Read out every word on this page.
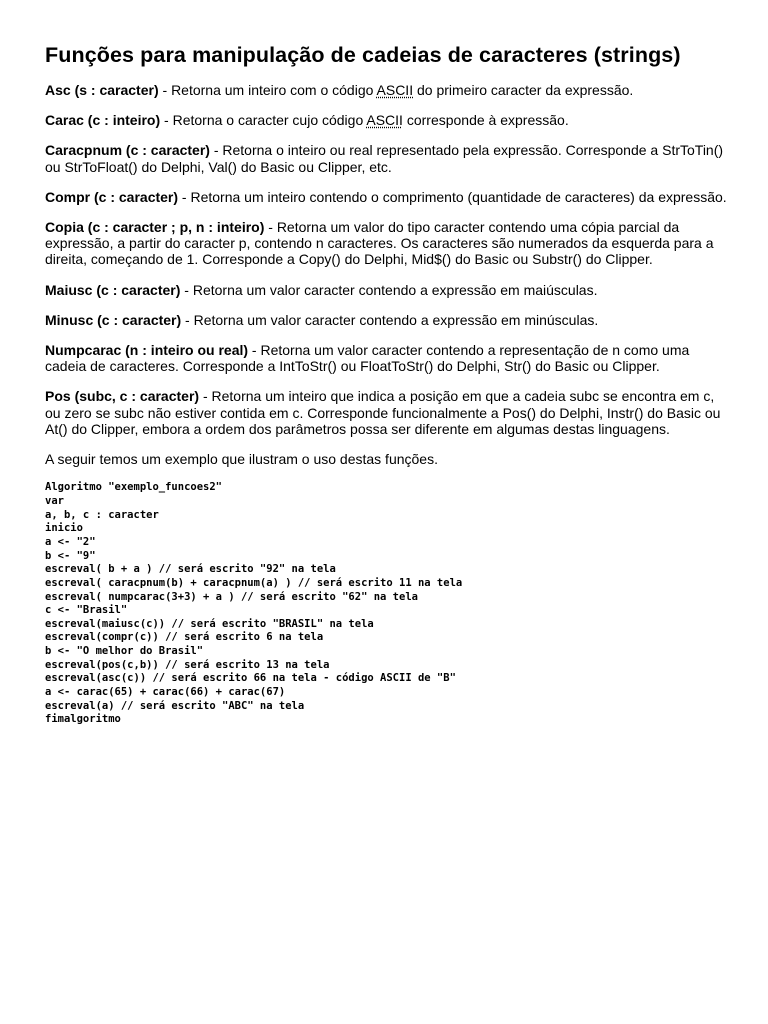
Funções para manipulação de cadeias de caracteres (strings)

Asc (s : caracter) - Retorna um inteiro com o código ASCII do primeiro caracter da expressão.

Carac (c : inteiro) - Retorna o caracter cujo código ASCII corresponde à expressão.

Caracpnum (c : caracter) - Retorna o inteiro ou real representado pela expressão. Corresponde a StrToTin() ou StrToFloat() do Delphi, Val() do Basic ou Clipper, etc.

Compr (c : caracter) - Retorna um inteiro contendo o comprimento (quantidade de caracteres) da expressão.

Copia (c : caracter ; p, n : inteiro) - Retorna um valor do tipo caracter contendo uma cópia parcial da expressão, a partir do caracter p, contendo n caracteres. Os caracteres são numerados da esquerda para a direita, começando de 1. Corresponde a Copy() do Delphi, Mid$() do Basic ou Substr() do Clipper.

Maiusc (c : caracter) - Retorna um valor caracter contendo a expressão em maiúsculas.

Minusc (c : caracter) - Retorna um valor caracter contendo a expressão em minúsculas.

Numpcarac (n : inteiro ou real) - Retorna um valor caracter contendo a representação de n como uma cadeia de caracteres. Corresponde a IntToStr() ou FloatToStr() do Delphi, Str() do Basic ou Clipper.

Pos (subc, c : caracter) - Retorna um inteiro que indica a posição em que a cadeia subc se encontra em c, ou zero se subc não estiver contida em c. Corresponde funcionalmente a Pos() do Delphi, Instr() do Basic ou At() do Clipper, embora a ordem dos parâmetros possa ser diferente em algumas destas linguagens.

A seguir temos um exemplo que ilustram o uso destas funções.

Algoritmo "exemplo_funcoes2"
var
a, b, c : caracter
inicio
a <- "2"
b <- "9"
escreval( b + a ) // será escrito "92" na tela
escreval( caracpnum(b) + caracpnum(a) ) // será escrito 11 na tela
escreval( numpcarac(3+3) + a ) // será escrito "62" na tela
c <- "Brasil"
escreval(maiusc(c)) // será escrito "BRASIL" na tela
escreval(compr(c)) // será escrito 6 na tela
b <- "O melhor do Brasil"
escreval(pos(c,b)) // será escrito 13 na tela
escreval(asc(c)) // será escrito 66 na tela - código ASCII de "B"
a <- carac(65) + carac(66) + carac(67)
escreval(a) // será escrito "ABC" na tela
fimalgoritmo
